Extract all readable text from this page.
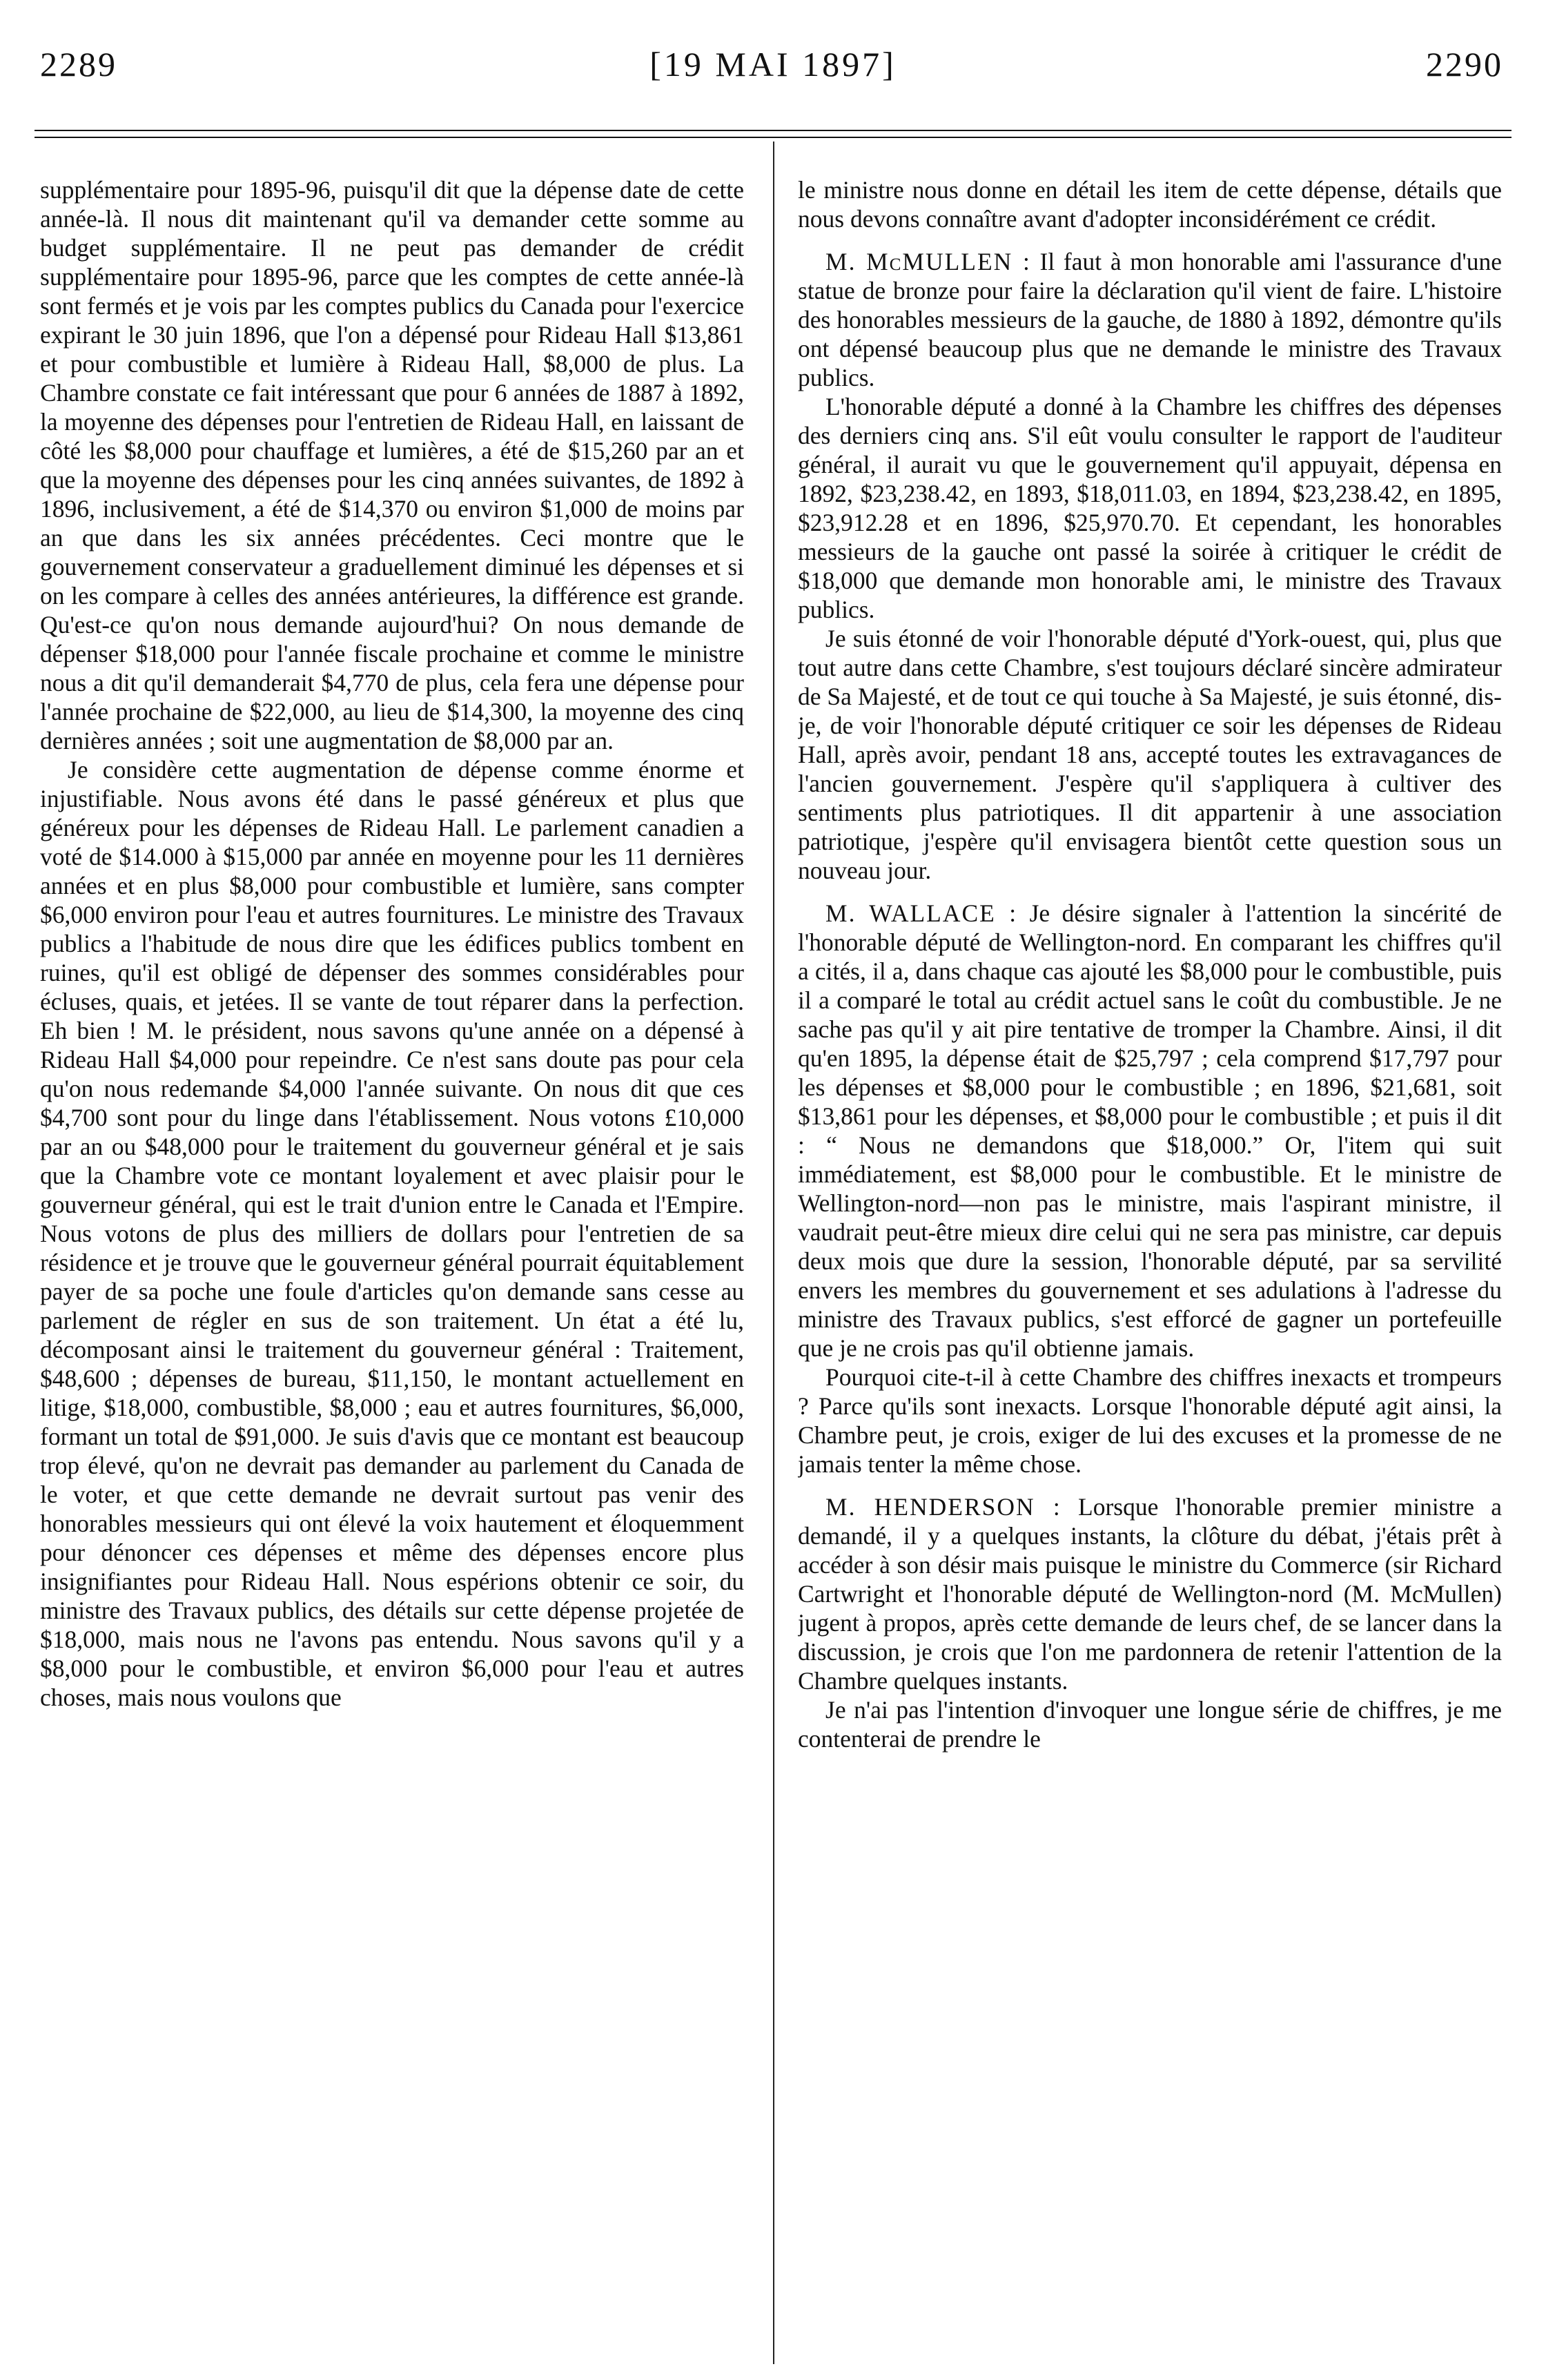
2289	[19 MAI 1897]	2290

supplémentaire pour 1895-96, puisqu'il dit que la dépense date de cette année-là. Il nous dit maintenant qu'il va demander cette somme au budget supplémentaire. Il ne peut pas demander de crédit supplémentaire pour 1895-96, parce que les comptes de cette année-là sont fermés et je vois par les comptes publics du Canada pour l'exercice expirant le 30 juin 1896, que l'on a dépensé pour Rideau Hall $13,861 et pour combustible et lumière à Rideau Hall, $8,000 de plus. La Chambre constate ce fait intéressant que pour 6 années de 1887 à 1892, la moyenne des dépenses pour l'entretien de Rideau Hall, en laissant de côté les $8,000 pour chauffage et lumières, a été de $15,260 par an et que la moyenne des dépenses pour les cinq années suivantes, de 1892 à 1896, inclusivement, a été de $14,370 ou environ $1,000 de moins par an que dans les six années précédentes. Ceci montre que le gouvernement conservateur a graduellement diminué les dépenses et si on les compare à celles des années antérieures, la différence est grande. Qu'est-ce qu'on nous demande aujourd'hui? On nous demande de dépenser $18,000 pour l'année fiscale prochaine et comme le ministre nous a dit qu'il demanderait $4,770 de plus, cela fera une dépense pour l'année prochaine de $22,000, au lieu de $14,300, la moyenne des cinq dernières années ; soit une augmentation de $8,000 par an.

Je considère cette augmentation de dépense comme énorme et injustifiable. Nous avons été dans le passé généreux et plus que généreux pour les dépenses de Rideau Hall. Le parlement canadien a voté de $14.000 à $15,000 par année en moyenne pour les 11 dernières années et en plus $8,000 pour combustible et lumière, sans compter $6,000 environ pour l'eau et autres fournitures. Le ministre des Travaux publics a l'habitude de nous dire que les édifices publics tombent en ruines, qu'il est obligé de dépenser des sommes considérables pour écluses, quais, et jetées. Il se vante de tout réparer dans la perfection. Eh bien ! M. le président, nous savons qu'une année on a dépensé à Rideau Hall $4,000 pour repeindre. Ce n'est sans doute pas pour cela qu'on nous redemande $4,000 l'année suivante. On nous dit que ces $4,700 sont pour du linge dans l'établissement. Nous votons £10,000 par an ou $48,000 pour le traitement du gouverneur général et je sais que la Chambre vote ce montant loyalement et avec plaisir pour le gouverneur général, qui est le trait d'union entre le Canada et l'Empire. Nous votons de plus des milliers de dollars pour l'entretien de sa résidence et je trouve que le gouverneur général pourrait équitablement payer de sa poche une foule d'articles qu'on demande sans cesse au parlement de régler en sus de son traitement. Un état a été lu, décomposant ainsi le traitement du gouverneur général : Traitement, $48,600 ; dépenses de bureau, $11,150, le montant actuellement en litige, $18,000, combustible, $8,000 ; eau et autres fournitures, $6,000, formant un total de $91,000. Je suis d'avis que ce montant est beaucoup trop élevé, qu'on ne devrait pas demander au parlement du Canada de le voter, et que cette demande ne devrait surtout pas venir des honorables messieurs qui ont élevé la voix hautement et éloquemment pour dénoncer ces dépenses et même des dépenses encore plus insignifiantes pour Rideau Hall. Nous espérions obtenir ce soir, du ministre des Travaux publics, des détails sur cette dépense projetée de $18,000, mais nous ne l'avons pas entendu. Nous savons qu'il y a $8,000 pour le combustible, et environ $6,000 pour l'eau et autres choses, mais nous voulons que

le ministre nous donne en détail les item de cette dépense, détails que nous devons connaître avant d'adopter inconsidérément ce crédit.

M. McMULLEN : Il faut à mon honorable ami l'assurance d'une statue de bronze pour faire la déclaration qu'il vient de faire. L'histoire des honorables messieurs de la gauche, de 1880 à 1892, démontre qu'ils ont dépensé beaucoup plus que ne demande le ministre des Travaux publics.

L'honorable député a donné à la Chambre les chiffres des dépenses des derniers cinq ans. S'il eût voulu consulter le rapport de l'auditeur général, il aurait vu que le gouvernement qu'il appuyait, dépensa en 1892, $23,238.42, en 1893, $18,011.03, en 1894, $23,238.42, en 1895, $23,912.28 et en 1896, $25,970.70. Et cependant, les honorables messieurs de la gauche ont passé la soirée à critiquer le crédit de $18,000 que demande mon honorable ami, le ministre des Travaux publics.

Je suis étonné de voir l'honorable député d'York-ouest, qui, plus que tout autre dans cette Chambre, s'est toujours déclaré sincère admirateur de Sa Majesté, et de tout ce qui touche à Sa Majesté, je suis étonné, dis-je, de voir l'honorable député critiquer ce soir les dépenses de Rideau Hall, après avoir, pendant 18 ans, accepté toutes les extravagances de l'ancien gouvernement. J'espère qu'il s'appliquera à cultiver des sentiments plus patriotiques. Il dit appartenir à une association patriotique, j'espère qu'il envisagera bientôt cette question sous un nouveau jour.

M. WALLACE : Je désire signaler à l'attention la sincérité de l'honorable député de Wellington-nord. En comparant les chiffres qu'il a cités, il a, dans chaque cas ajouté les $8,000 pour le combustible, puis il a comparé le total au crédit actuel sans le coût du combustible. Je ne sache pas qu'il y ait pire tentative de tromper la Chambre. Ainsi, il dit qu'en 1895, la dépense était de $25,797 ; cela comprend $17,797 pour les dépenses et $8,000 pour le combustible ; en 1896, $21,681, soit $13,861 pour les dépenses, et $8,000 pour le combustible ; et puis il dit : “ Nous ne demandons que $18,000.” Or, l'item qui suit immédiatement, est $8,000 pour le combustible. Et le ministre de Wellington-nord—non pas le ministre, mais l'aspirant ministre, il vaudrait peut-être mieux dire celui qui ne sera pas ministre, car depuis deux mois que dure la session, l'honorable député, par sa servilité envers les membres du gouvernement et ses adulations à l'adresse du ministre des Travaux publics, s'est efforcé de gagner un portefeuille que je ne crois pas qu'il obtienne jamais.

Pourquoi cite-t-il à cette Chambre des chiffres inexacts et trompeurs ? Parce qu'ils sont inexacts. Lorsque l'honorable député agit ainsi, la Chambre peut, je crois, exiger de lui des excuses et la promesse de ne jamais tenter la même chose.

M. HENDERSON : Lorsque l'honorable premier ministre a demandé, il y a quelques instants, la clôture du débat, j'étais prêt à accéder à son désir mais puisque le ministre du Commerce (sir Richard Cartwright et l'honorable député de Wellington-nord (M. McMullen) jugent à propos, après cette demande de leurs chef, de se lancer dans la discussion, je crois que l'on me pardonnera de retenir l'attention de la Chambre quelques instants.

Je n'ai pas l'intention d'invoquer une longue série de chiffres, je me contenterai de prendre le
